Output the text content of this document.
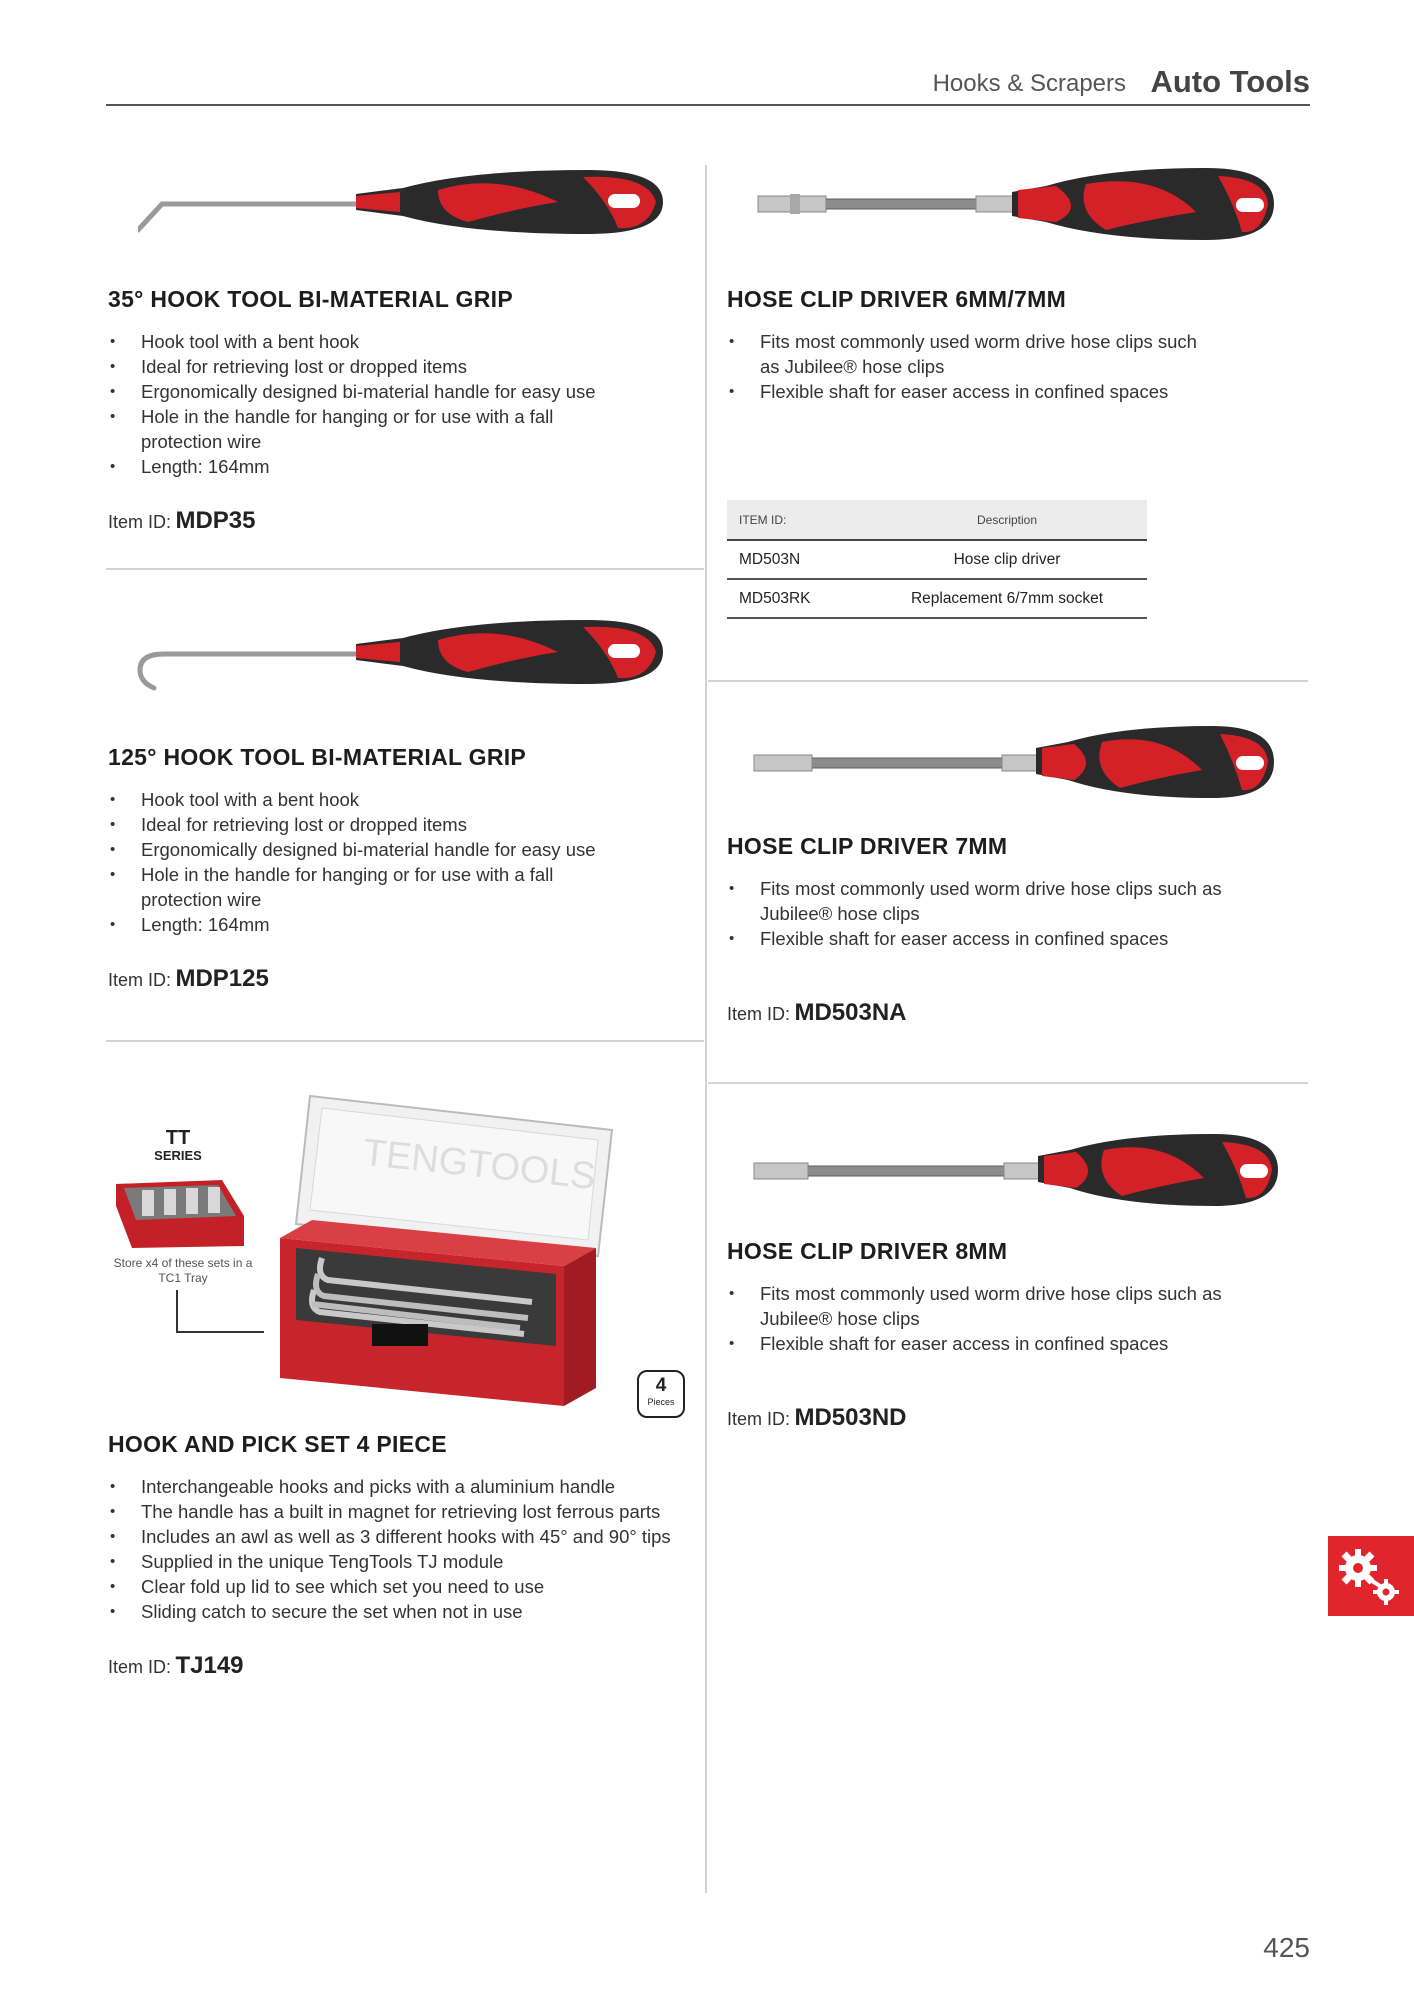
Hooks & Scrapers Auto Tools
35° HOOK TOOL BI-MATERIAL GRIP
• Hook tool with a bent hook
• Ideal for retrieving lost or dropped items
• Ergonomically designed bi-material handle for easy use
• Hole in the handle for hanging or for use with a fall protection wire
• Length: 164mm
Item ID: MDP35
125° HOOK TOOL BI-MATERIAL GRIP
• Hook tool with a bent hook
• Ideal for retrieving lost or dropped items
• Ergonomically designed bi-material handle for easy use
• Hole in the handle for hanging or for use with a fall protection wire
• Length: 164mm
Item ID: MDP125
TT
SERIES
Store x4 of these sets in a TC1 Tray
TENGTOOLS
4
Pieces
HOOK AND PICK SET 4 PIECE
• Interchangeable hooks and picks with a aluminium handle
• The handle has a built in magnet for retrieving lost ferrous parts
• Includes an awl as well as 3 different hooks with 45° and 90° tips
• Supplied in the unique TengTools TJ module
• Clear fold up lid to see which set you need to use
• Sliding catch to secure the set when not in use
Item ID: TJ149
HOSE CLIP DRIVER 6MM/7MM
• Fits most commonly used worm drive hose clips such as Jubilee® hose clips
• Flexible shaft for easer access in confined spaces
ITEM ID:	Description
MD503N	Hose clip driver
MD503RK	Replacement 6/7mm socket
HOSE CLIP DRIVER 7MM
• Fits most commonly used worm drive hose clips such as Jubilee® hose clips
• Flexible shaft for easer access in confined spaces
Item ID: MD503NA
HOSE CLIP DRIVER 8MM
• Fits most commonly used worm drive hose clips such as Jubilee® hose clips
• Flexible shaft for easer access in confined spaces
Item ID: MD503ND
425
